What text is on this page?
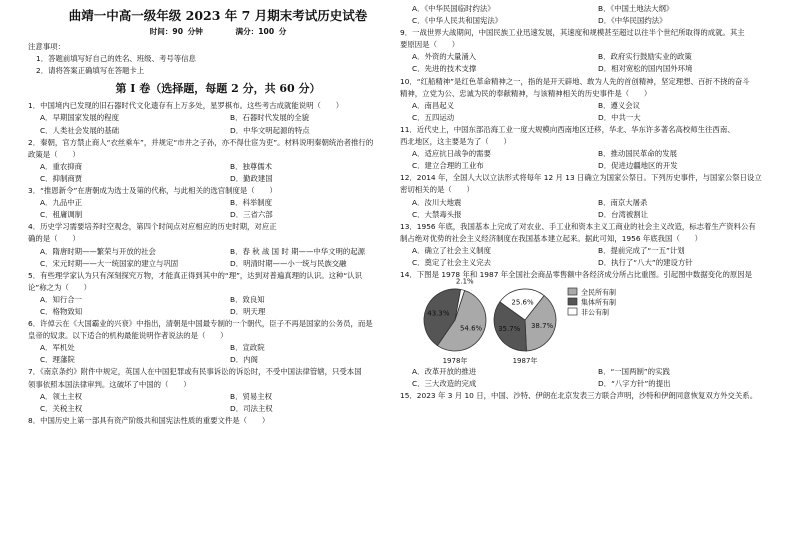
曲靖一中高一级年级 2023 年 7 月期末考试历史试卷
时间：90 分钟	满分：100 分
注意事项：
1．答题前填写好自己的姓名、班级、考号等信息
2．请将答案正确填写在答题卡上
第 I 卷（选择题，每题 2 分，共 60 分）
1．中国境内已发现的旧石器时代文化遗存有上万多处，星罗棋布。这些考古成就能说明（　　）
A．早期国家发展的程度	B．石器时代发展的全貌
C．人类社会发展的基础	D．中华文明起源的特点
2．秦朝，官方禁止商人“衣丝乘车”，并规定“市井之子孙，亦不得仕宦为吏”。材料说明秦朝统治者推行的
政策是（　　）
A．重农抑商	B．独尊儒术
C．抑制商贾	D．勤政建国
3．“推恩新令”在唐朝成为选士及第的代称，与此相关的选官制度是（　　）
A．九品中正	B．科举制度
C．租庸调制	D．三省六部
4．历史学习需要培养时空观念，第四个时间点对应相应的历史时期，对应正
确的是（　　）
A．隋唐时期——繁荣与开放的社会	B．春 秋 战 国 时 期——中华文明的起源
C．宋元时期——大一统国家的建立与巩固	D．明清时期——小一统与民族交融
5．有些理学家认为只有深刻探究万物，才能真正得到其中的“理”，达到对普遍真理的认识。这种“认识
论”称之为（　　）
A．知行合一	B．致良知
C．格物致知	D．明天理
6．许倬云在《大国霸业的兴衰》中指出，清朝是中国最专制的一个朝代，臣子不再是国家的公务员，而是
皇帝的奴隶。以下适合的机构最能说明作者说法的是（　　）
A．军机处	B．宣政院
C．理藩院	D．内阁
7．《南京条约》附件中规定，英国人在中国犯罪或有民事诉讼的诉讼时，不受中国法律管辖，只受本国
领事依照本国法律审判。这破坏了中国的（　　）
A．领土主权	B．贸易主权
C．关税主权	D．司法主权
8．中国历史上第一部具有资产阶级共和国宪法性质的重要文件是（　　）
A．《中华民国临时约法》	B．《中国土地法大纲》
C．《中华人民共和国宪法》	D．《中华民国约法》
9．一战世界大战期间，中国民族工业迅速发展，其速度和规模甚至超过以往半个世纪所取得的成就。其主
要原因是（　　）
A．外资的大量涌入	B．政府实行鼓励实业的政策
C．先进的技术支撑	D．相对宽松的国内国外环境
10．“红船精神”是红色革命精神之一，指的是开天辟地、敢为人先的首创精神，坚定理想、百折不挠的奋斗
精神，立党为公、忠诚为民的奉献精神，与该精神相关的历史事件是（　　）
A．南昌起义	B．遵义会议
C．五四运动	D．中共一大
11．近代史上，中国东部沿海工业一度大规模向西南地区迁移，华北、华东许多著名高校师生往西南、
西北地区，这主要是为了（　　）
A．适应抗日战争的需要	B．推动国民革命的发展
C．建立合理的工业布	D．促进边疆地区的开发
12．2014 年，全国人大以立法形式将每年 12 月 13 日确立为国家公祭日。下列历史事件，与国家公祭日设立
密切相关的是（　　）
A．汝川大地震	B．南京大屠杀
C．大禁毒头报	D．台湾被割让
13．1956 年底，我国基本上完成了对农业、手工业和资本主义工商业的社会主义改造，标志着生产资料公有
制占绝对优势的社会主义经济制度在我国基本建立起来。据此可知，1956 年底我国（　　）
A．确立了社会主义制度	B．提前完成了“一五”计划
C．奠定了社会主义完去	D．执行了“八大”的建设方针
14．下图是 1978 年和 1987 年全国社会商品零售额中各经济成分所占比重图。引起图中数据变化的原因是
54.6%
43.3%
2.1%
1978年
38.7%
35.7%
25.6%
1987年
全民所有制
集体所有制
非公有制
A．改革开放的推进	B．“一国两制”的实践
C．三大改造的完成	D．“八字方针”的提出
15．2023 年 3 月 10 日，中国、沙特、伊朗在北京发表三方联合声明，沙特和伊朗同意恢复双方外交关系。
